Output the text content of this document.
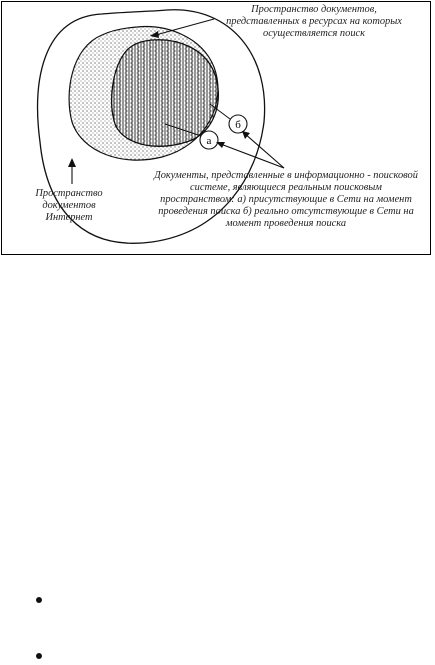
а
б
Пространство документов, представленных в ресурсах на которых осуществляется поиск
Пространство документов Интернет
Документы, представленные в информационно - поисковой системе, являющиеся реальным поисковым пространством: а) присутствующие в Сети на момент проведения поиска б) реально отсутствующие в Сети на момент проведения поиска
